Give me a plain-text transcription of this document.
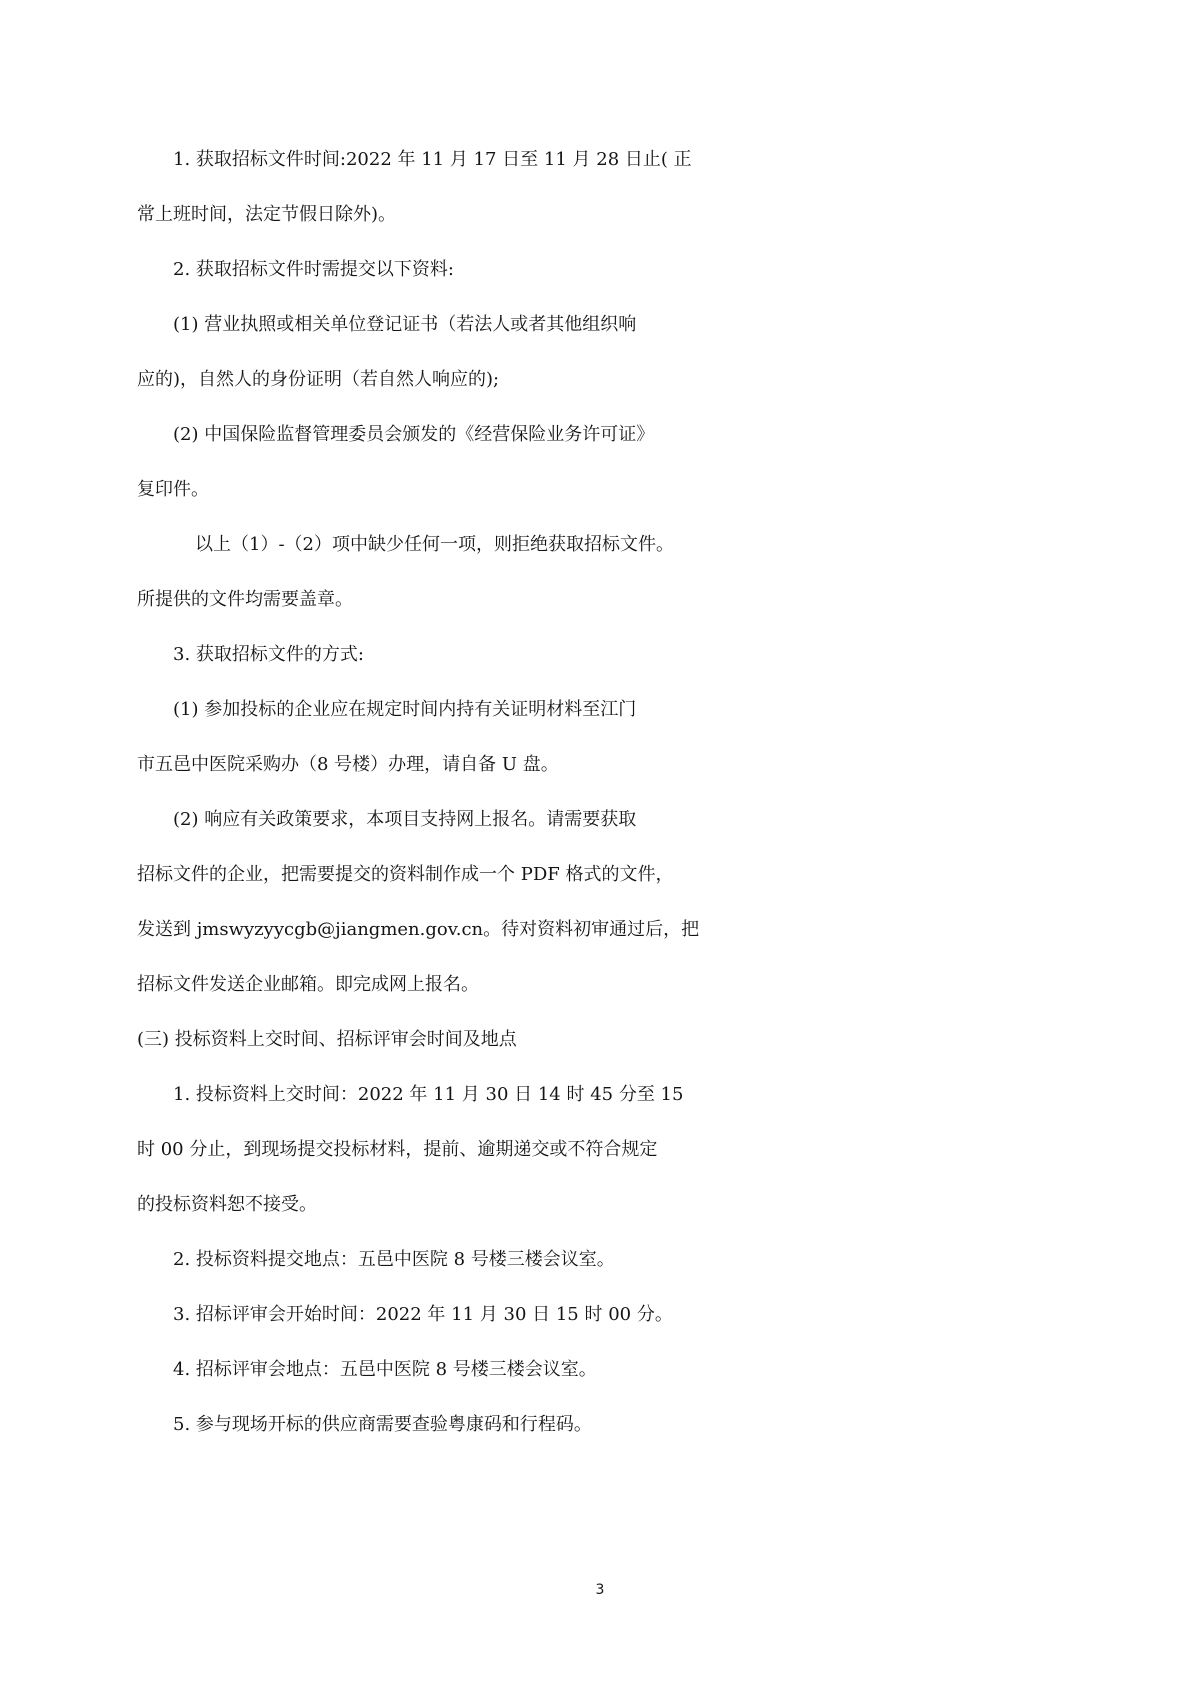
1. 获取招标文件时间:2022 年 11 月 17 日至 11 月 28 日止( 正

常上班时间，法定节假日除外)。

2. 获取招标文件时需提交以下资料:

(1) 营业执照或相关单位登记证书（若法人或者其他组织响

应的)，自然人的身份证明（若自然人响应的);

(2) 中国保险监督管理委员会颁发的《经营保险业务许可证》

复印件。

以上（1）-（2）项中缺少任何一项，则拒绝获取招标文件。

所提供的文件均需要盖章。

3. 获取招标文件的方式:

(1) 参加投标的企业应在规定时间内持有关证明材料至江门

市五邑中医院采购办（8 号楼）办理，请自备 U 盘。

(2) 响应有关政策要求，本项目支持网上报名。请需要获取

招标文件的企业，把需要提交的资料制作成一个 PDF 格式的文件，

发送到 jmswyzyycgb@jiangmen.gov.cn。待对资料初审通过后，把

招标文件发送企业邮箱。即完成网上报名。

(三) 投标资料上交时间、招标评审会时间及地点

1. 投标资料上交时间：2022 年 11 月 30 日 14 时 45 分至 15

时 00 分止，到现场提交投标材料，提前、逾期递交或不符合规定

的投标资料恕不接受。

2. 投标资料提交地点：五邑中医院 8 号楼三楼会议室。

3. 招标评审会开始时间：2022 年 11 月 30 日 15 时 00 分。

4. 招标评审会地点：五邑中医院 8 号楼三楼会议室。

5. 参与现场开标的供应商需要查验粤康码和行程码。

3
